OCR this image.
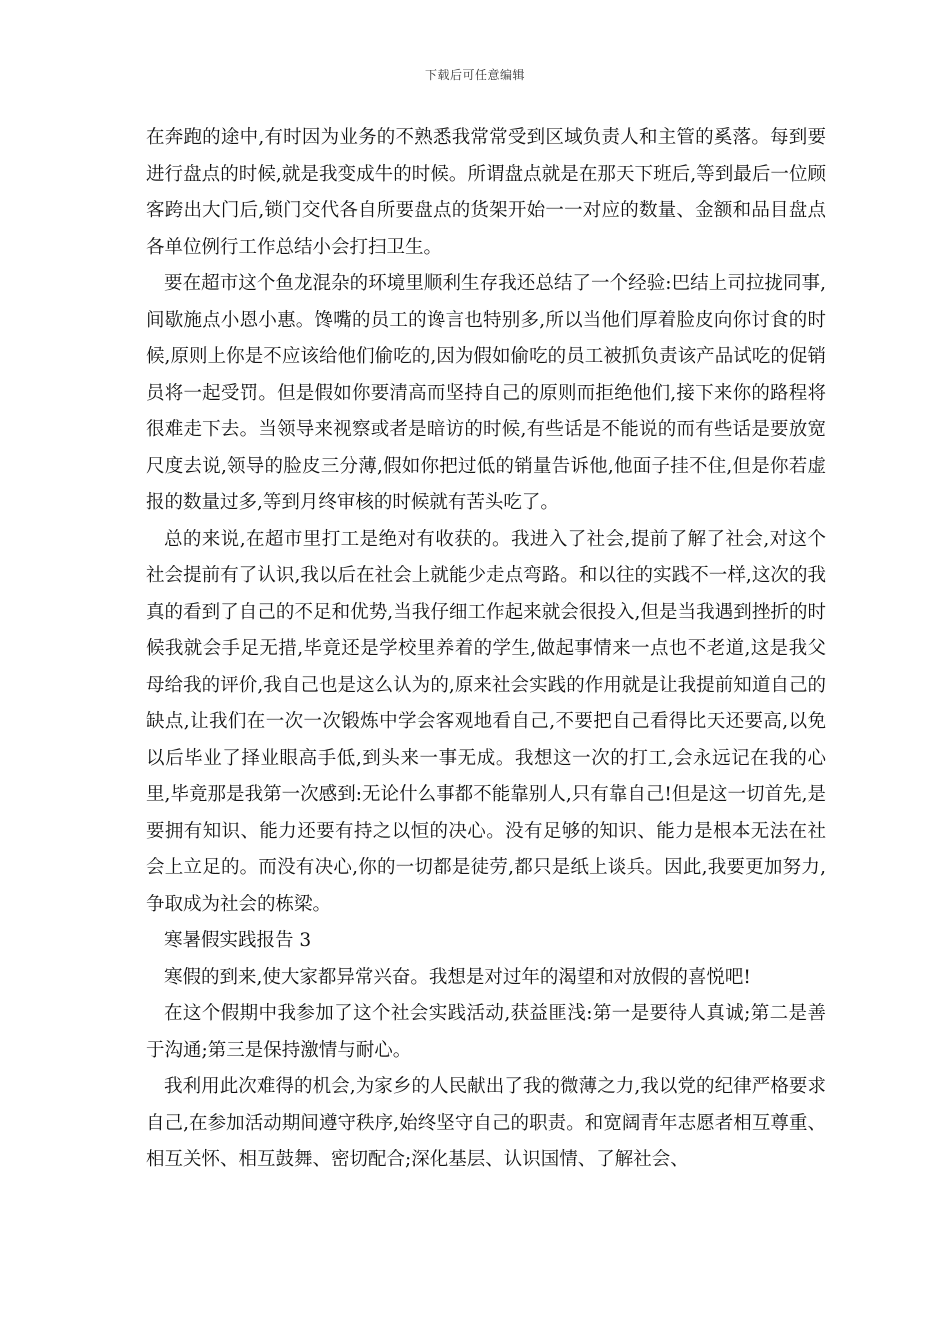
下载后可任意编辑

在奔跑的途中,有时因为业务的不熟悉我常常受到区域负责人和主管的奚落。每到要进行盘点的时候,就是我变成牛的时候。所谓盘点就是在那天下班后,等到最后一位顾客跨出大门后,锁门交代各自所要盘点的货架开始一一对应的数量、金额和品目盘点各单位例行工作总结小会打扫卫生。

要在超市这个鱼龙混杂的环境里顺利生存我还总结了一个经验:巴结上司拉拢同事,间歇施点小恩小惠。馋嘴的员工的谗言也特别多,所以当他们厚着脸皮向你讨食的时候,原则上你是不应该给他们偷吃的,因为假如偷吃的员工被抓负责该产品试吃的促销员将一起受罚。但是假如你要清高而坚持自己的原则而拒绝他们,接下来你的路程将很难走下去。当领导来视察或者是暗访的时候,有些话是不能说的而有些话是要放宽尺度去说,领导的脸皮三分薄,假如你把过低的销量告诉他,他面子挂不住,但是你若虚报的数量过多,等到月终审核的时候就有苦头吃了。

总的来说,在超市里打工是绝对有收获的。我进入了社会,提前了解了社会,对这个社会提前有了认识,我以后在社会上就能少走点弯路。和以往的实践不一样,这次的我真的看到了自己的不足和优势,当我仔细工作起来就会很投入,但是当我遇到挫折的时候我就会手足无措,毕竟还是学校里养着的学生,做起事情来一点也不老道,这是我父母给我的评价,我自己也是这么认为的,原来社会实践的作用就是让我提前知道自己的缺点,让我们在一次一次锻炼中学会客观地看自己,不要把自己看得比天还要高,以免以后毕业了择业眼高手低,到头来一事无成。我想这一次的打工,会永远记在我的心里,毕竟那是我第一次感到:无论什么事都不能靠别人,只有靠自己!但是这一切首先,是要拥有知识、能力还要有持之以恒的决心。没有足够的知识、能力是根本无法在社会上立足的。而没有决心,你的一切都是徒劳,都只是纸上谈兵。因此,我要更加努力,争取成为社会的栋梁。

寒暑假实践报告 3

寒假的到来,使大家都异常兴奋。我想是对过年的渴望和对放假的喜悦吧!

在这个假期中我参加了这个社会实践活动,获益匪浅:第一是要待人真诚;第二是善于沟通;第三是保持激情与耐心。

我利用此次难得的机会,为家乡的人民献出了我的微薄之力,我以党的纪律严格要求自己,在参加活动期间遵守秩序,始终坚守自己的职责。和宽阔青年志愿者相互尊重、相互关怀、相互鼓舞、密切配合;深化基层、认识国情、了解社会、
